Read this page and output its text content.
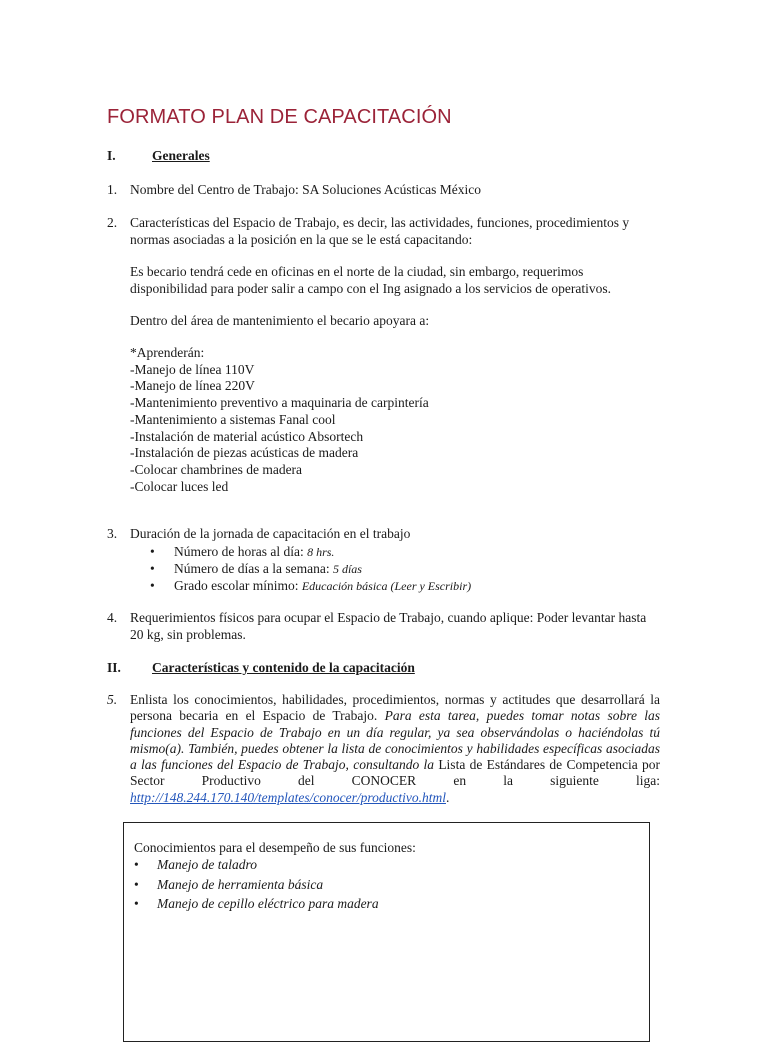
FORMATO PLAN DE CAPACITACIÓN
I.	Generales
1. Nombre del Centro de Trabajo: SA Soluciones Acústicas México
2. Características del Espacio de Trabajo, es decir, las actividades, funciones, procedimientos y
normas asociadas a la posición en la que se le está capacitando:
Es becario tendrá cede en oficinas en el norte de la ciudad, sin embargo, requerimos
disponibilidad para poder salir a campo con el Ing asignado a los servicios de operativos.
Dentro del área de mantenimiento el becario apoyara a:
*Aprenderán:
-Manejo de línea 110V
-Manejo de línea 220V
-Mantenimiento preventivo a maquinaria de carpintería
-Mantenimiento a sistemas Fanal cool
-Instalación de material acústico Absortech
-Instalación de piezas acústicas de madera
-Colocar chambrines de madera
-Colocar luces led
3. Duración de la jornada de capacitación en el trabajo
• Número de horas al día: 8 hrs.
• Número de días a la semana: 5 días
• Grado escolar mínimo: Educación básica (Leer y Escribir)
4. Requerimientos físicos para ocupar el Espacio de Trabajo, cuando aplique: Poder levantar hasta
20 kg, sin problemas.
II. Características y contenido de la capacitación
5. Enlista los conocimientos, habilidades, procedimientos, normas y actitudes que desarrollará la persona becaria en el Espacio de Trabajo. Para esta tarea, puedes tomar notas sobre las funciones del Espacio de Trabajo en un día regular, ya sea observándolas o haciéndolas tú mismo(a). También, puedes obtener la lista de conocimientos y habilidades específicas asociadas a las funciones del Espacio de Trabajo, consultando la Lista de Estándares de Competencia por Sector Productivo del CONOCER en la siguiente liga: http://148.244.170.140/templates/conocer/productivo.html.
Conocimientos para el desempeño de sus funciones:
• Manejo de taladro
• Manejo de herramienta básica
• Manejo de cepillo eléctrico para madera
